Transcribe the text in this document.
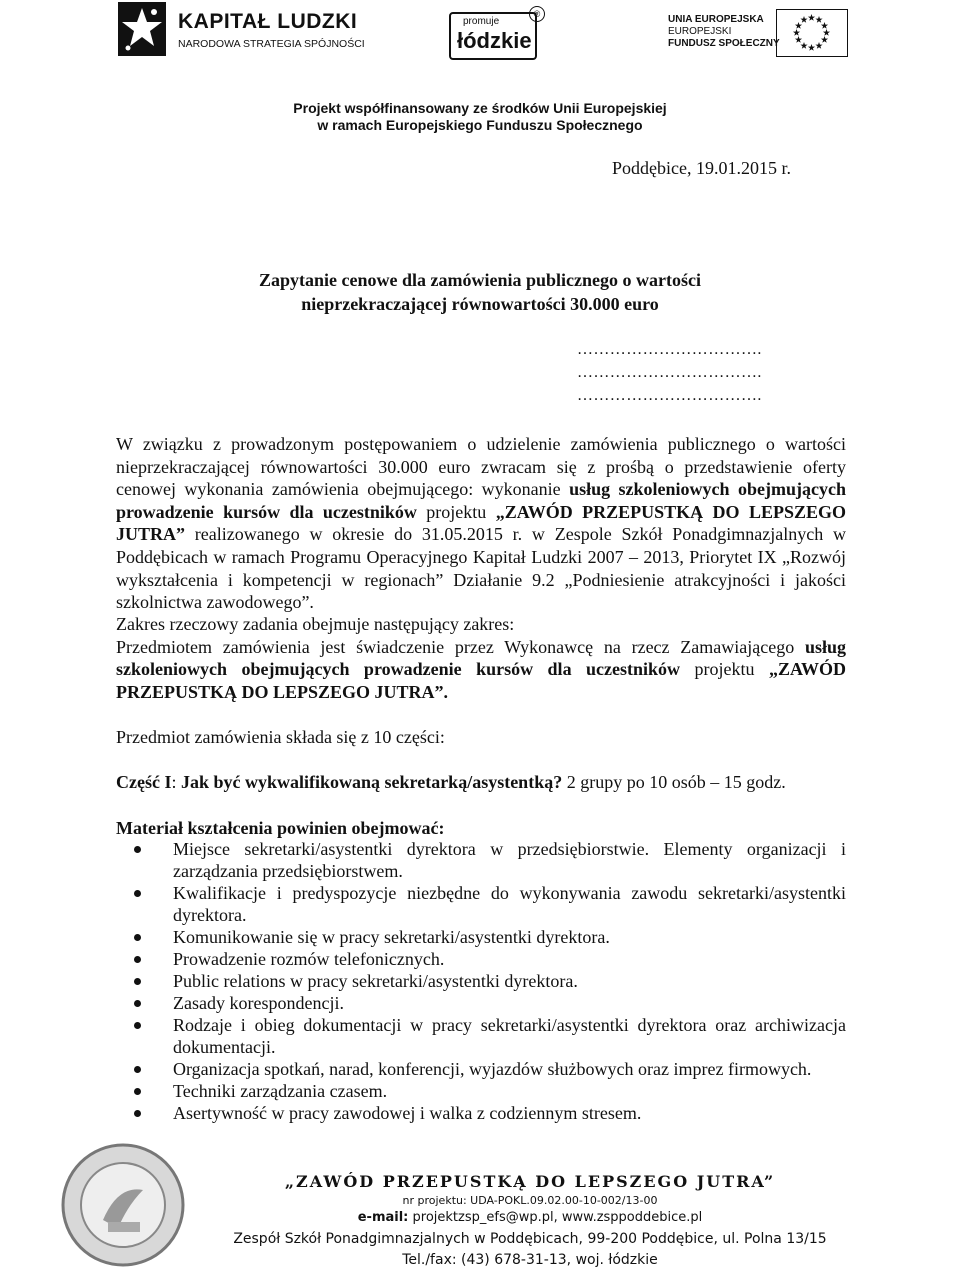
KAPITAŁ LUDZKI
NARODOWA STRATEGIA SPÓJNOŚCI
promuje
łódzkie
®	UNIA EUROPEJSKA
EUROPEJSKI
FUNDUSZ SPOŁECZNY
Projekt współfinansowany ze środków Unii Europejskiej
w ramach Europejskiego Funduszu Społecznego
Poddębice, 19.01.2015 r.
Zapytanie cenowe dla zamówienia publicznego o wartości
nieprzekraczającej równowartości 30.000 euro
…………………………….
…………………………….
…………………………….
W związku z prowadzonym postępowaniem o udzielenie zamówienia publicznego o wartości nieprzekraczającej równowartości 30.000 euro zwracam się z prośbą o przedstawienie oferty cenowej wykonania zamówienia obejmującego: wykonanie usług szkoleniowych obejmujących prowadzenie kursów dla uczestników projektu „ZAWÓD PRZEPUSTKĄ DO LEPSZEGO JUTRA” realizowanego w okresie do 31.05.2015 r. w Zespole Szkół Ponadgimnazjalnych w Poddębicach w ramach Programu Operacyjnego Kapitał Ludzki 2007 – 2013, Priorytet IX „Rozwój wykształcenia i kompetencji w regionach” Działanie 9.2 „Podniesienie atrakcyjności i jakości szkolnictwa zawodowego”.
Zakres rzeczowy zadania obejmuje następujący zakres:
Przedmiotem zamówienia jest świadczenie przez Wykonawcę na rzecz Zamawiającego usług szkoleniowych obejmujących prowadzenie kursów dla uczestników projektu „ZAWÓD PRZEPUSTKĄ DO LEPSZEGO JUTRA”.
Przedmiot zamówienia składa się z 10 części:
Część I: Jak być wykwalifikowaną sekretarką/asystentką? 2 grupy po 10 osób – 15 godz.
Materiał kształcenia powinien obejmować:
Miejsce sekretarki/asystentki dyrektora w przedsiębiorstwie. Elementy organizacji i zarządzania przedsiębiorstwem.
Kwalifikacje i predyspozycje niezbędne do wykonywania zawodu sekretarki/asystentki dyrektora.
Komunikowanie się w pracy sekretarki/asystentki dyrektora.
Prowadzenie rozmów telefonicznych.
Public relations w pracy sekretarki/asystentki dyrektora.
Zasady korespondencji.
Rodzaje i obieg dokumentacji w pracy sekretarki/asystentki dyrektora oraz archiwizacja dokumentacji.
Organizacja spotkań, narad, konferencji, wyjazdów służbowych oraz imprez firmowych.
Techniki zarządzania czasem.
Asertywność w pracy zawodowej i walka z codziennym stresem.
„ZAWÓD PRZEPUSTKĄ DO LEPSZEGO JUTRA”
nr projektu: UDA-POKL.09.02.00-10-002/13-00
e-mail: projektzsp_efs@wp.pl, www.zsppoddebice.pl
Zespół Szkół Ponadgimnazjalnych w Poddębicach, 99-200 Poddębice, ul. Polna 13/15
Tel./fax: (43) 678-31-13, woj. łódzkie
